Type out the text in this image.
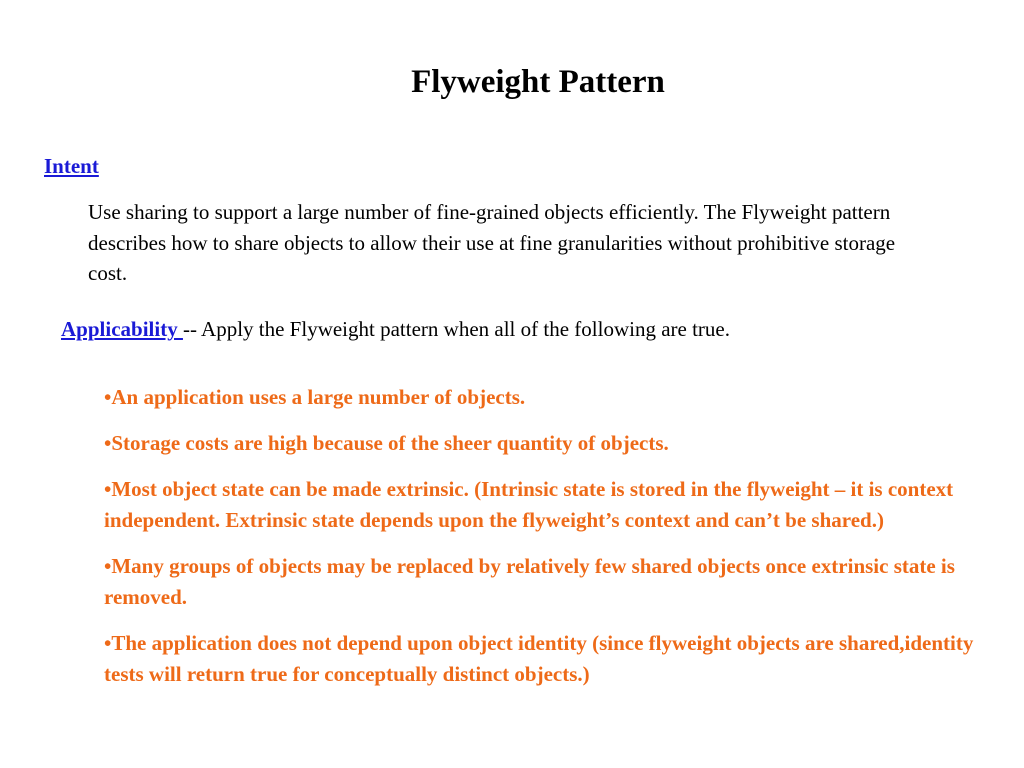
Flyweight Pattern
Intent

Use sharing to support a large number of fine-grained objects efficiently. The Flyweight pattern describes how to share objects to allow their use at fine granularities without prohibitive storage cost.

Applicability -- Apply the Flyweight pattern when all of the following are true.
•An application uses a large number of objects.
•Storage costs are high because of the sheer quantity of objects.
•Most object state can be made extrinsic. (Intrinsic state is stored in the flyweight – it is context independent. Extrinsic state depends upon the flyweight’s context and can’t be shared.)
•Many groups of objects may be replaced by relatively few shared objects once extrinsic state is removed.
•The application does not depend upon object identity (since flyweight objects are shared,identity tests will return true for conceptually distinct objects.)
